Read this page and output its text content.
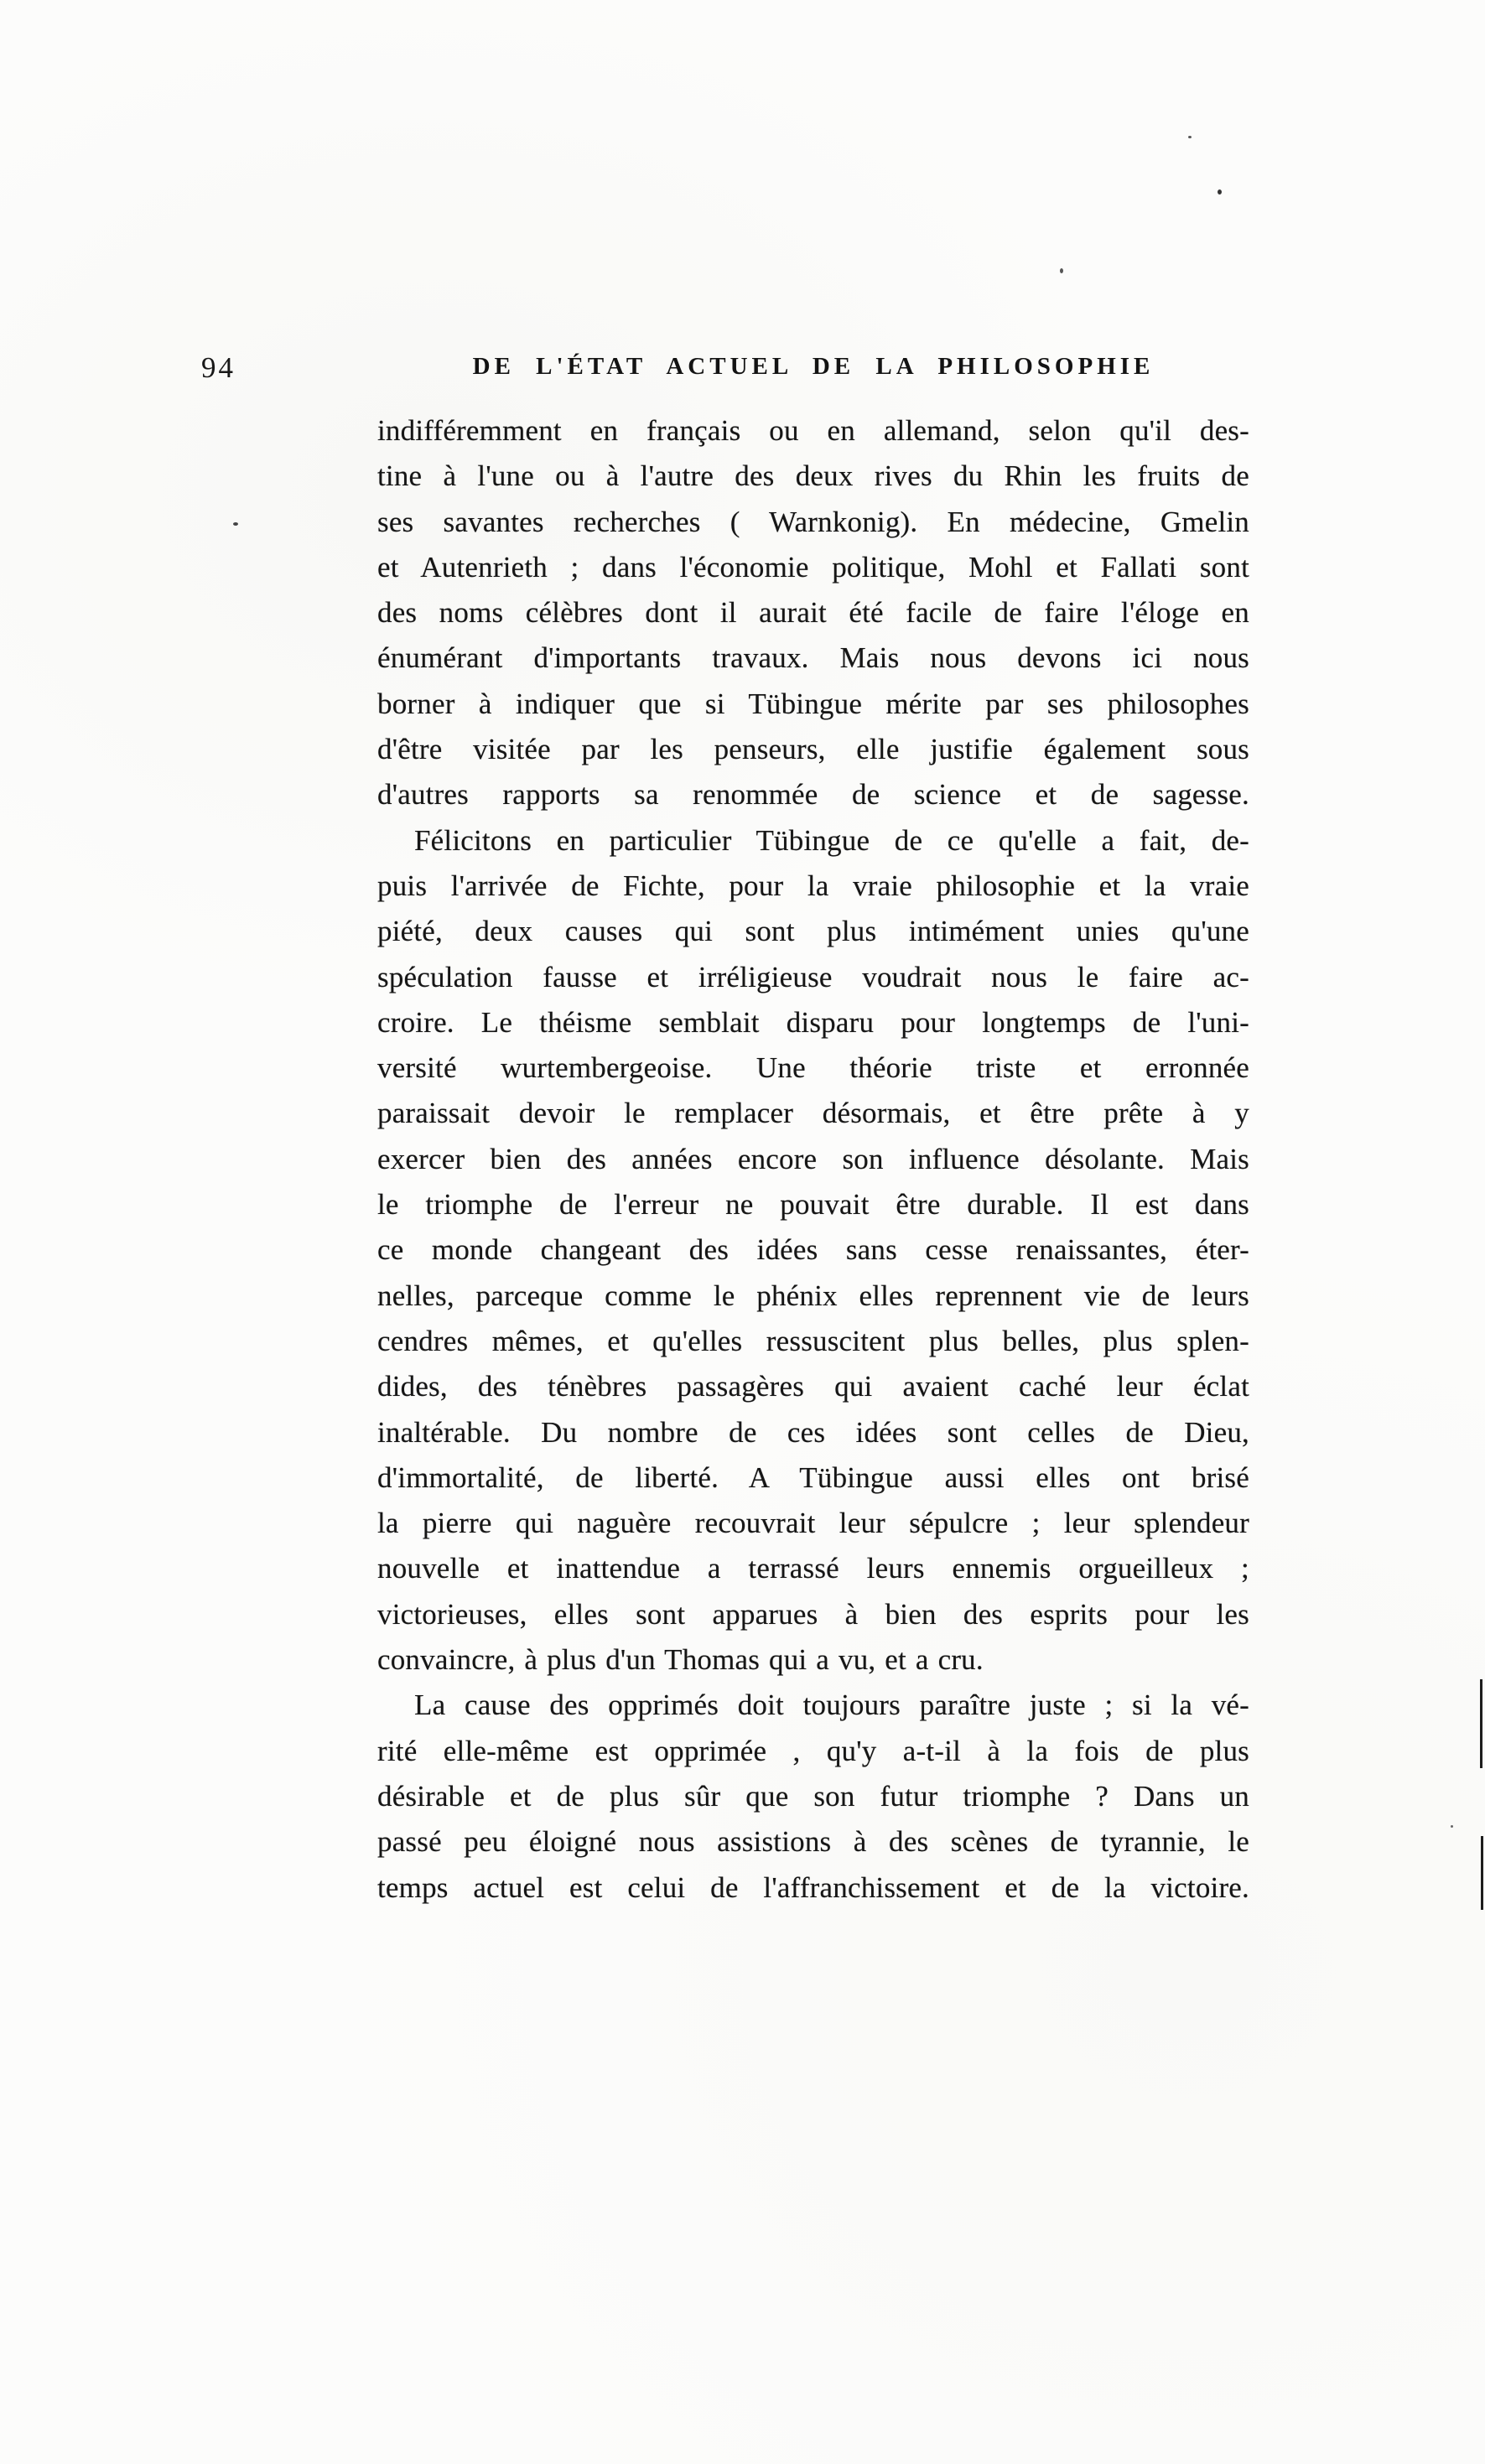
94	DE L'ÉTAT ACTUEL DE LA PHILOSOPHIE
indifféremment en français ou en allemand, selon qu'il des-
tine à l'une ou à l'autre des deux rives du Rhin les fruits de
ses savantes recherches ( Warnkonig). En médecine, Gmelin
et Autenrieth ; dans l'économie politique, Mohl et Fallati sont
des noms célèbres dont il aurait été facile de faire l'éloge en
énumérant d'importants travaux. Mais nous devons ici nous
borner à indiquer que si Tübingue mérite par ses philosophes
d'être visitée par les penseurs, elle justifie également sous
d'autres rapports sa renommée de science et de sagesse.
Félicitons en particulier Tübingue de ce qu'elle a fait, de-
puis l'arrivée de Fichte, pour la vraie philosophie et la vraie
piété, deux causes qui sont plus intimément unies qu'une
spéculation fausse et irréligieuse voudrait nous le faire ac-
croire. Le théisme semblait disparu pour longtemps de l'uni-
versité wurtembergeoise. Une théorie triste et erronnée
paraissait devoir le remplacer désormais, et être prête à y
exercer bien des années encore son influence désolante. Mais
le triomphe de l'erreur ne pouvait être durable. Il est dans
ce monde changeant des idées sans cesse renaissantes, éter-
nelles, parceque comme le phénix elles reprennent vie de leurs
cendres mêmes, et qu'elles ressuscitent plus belles, plus splen-
dides, des ténèbres passagères qui avaient caché leur éclat
inaltérable. Du nombre de ces idées sont celles de Dieu,
d'immortalité, de liberté. A Tübingue aussi elles ont brisé
la pierre qui naguère recouvrait leur sépulcre ; leur splendeur
nouvelle et inattendue a terrassé leurs ennemis orgueilleux ;
victorieuses, elles sont apparues à bien des esprits pour les
convaincre, à plus d'un Thomas qui a vu, et a cru.
La cause des opprimés doit toujours paraître juste ; si la vé-
rité elle-même est opprimée , qu'y a-t-il à la fois de plus
désirable et de plus sûr que son futur triomphe ? Dans un
passé peu éloigné nous assistions à des scènes de tyrannie, le
temps actuel est celui de l'affranchissement et de la victoire.
